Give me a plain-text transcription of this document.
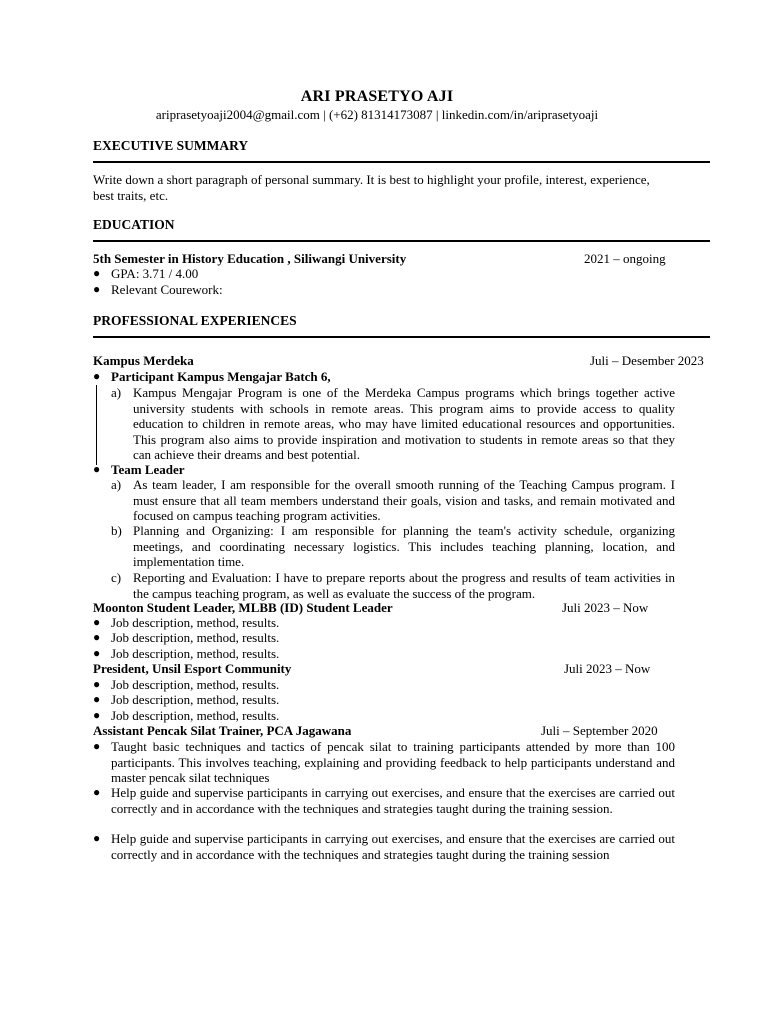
ARI PRASETYO AJI
ariprasetyoaji2004@gmail.com | (+62) 81314173087 | linkedin.com/in/ariprasetyoaji
EXECUTIVE SUMMARY
Write down a short paragraph of personal summary. It is best to highlight your profile, interest, experience, best traits, etc.
EDUCATION
5th Semester in History Education , Siliwangi University	2021 – ongoing
● GPA: 3.71 / 4.00
● Relevant Courework:
PROFESSIONAL EXPERIENCES
Kampus Merdeka	Juli – Desember 2023
● Participant Kampus Mengajar Batch 6,
a) Kampus Mengajar Program is one of the Merdeka Campus programs which brings together active university students with schools in remote areas. This program aims to provide access to quality education to children in remote areas, who may have limited educational resources and opportunities. This program also aims to provide inspiration and motivation to students in remote areas so that they can achieve their dreams and best potential.
● Team Leader
a) As team leader, I am responsible for the overall smooth running of the Teaching Campus program. I must ensure that all team members understand their goals, vision and tasks, and remain motivated and focused on campus teaching program activities.
b) Planning and Organizing: I am responsible for planning the team's activity schedule, organizing meetings, and coordinating necessary logistics. This includes teaching planning, location, and implementation time.
c) Reporting and Evaluation: I have to prepare reports about the progress and results of team activities in the campus teaching program, as well as evaluate the success of the program.
Moonton Student Leader, MLBB (ID) Student Leader	Juli 2023 – Now
● Job description, method, results.
● Job description, method, results.
● Job description, method, results.
President, Unsil Esport Community	Juli 2023 – Now
● Job description, method, results.
● Job description, method, results.
● Job description, method, results.
Assistant Pencak Silat Trainer, PCA Jagawana	Juli – September 2020
● Taught basic techniques and tactics of pencak silat to training participants attended by more than 100 participants. This involves teaching, explaining and providing feedback to help participants understand and master pencak silat techniques
● Help guide and supervise participants in carrying out exercises, and ensure that the exercises are carried out correctly and in accordance with the techniques and strategies taught during the training session.
● Help guide and supervise participants in carrying out exercises, and ensure that the exercises are carried out correctly and in accordance with the techniques and strategies taught during the training session
